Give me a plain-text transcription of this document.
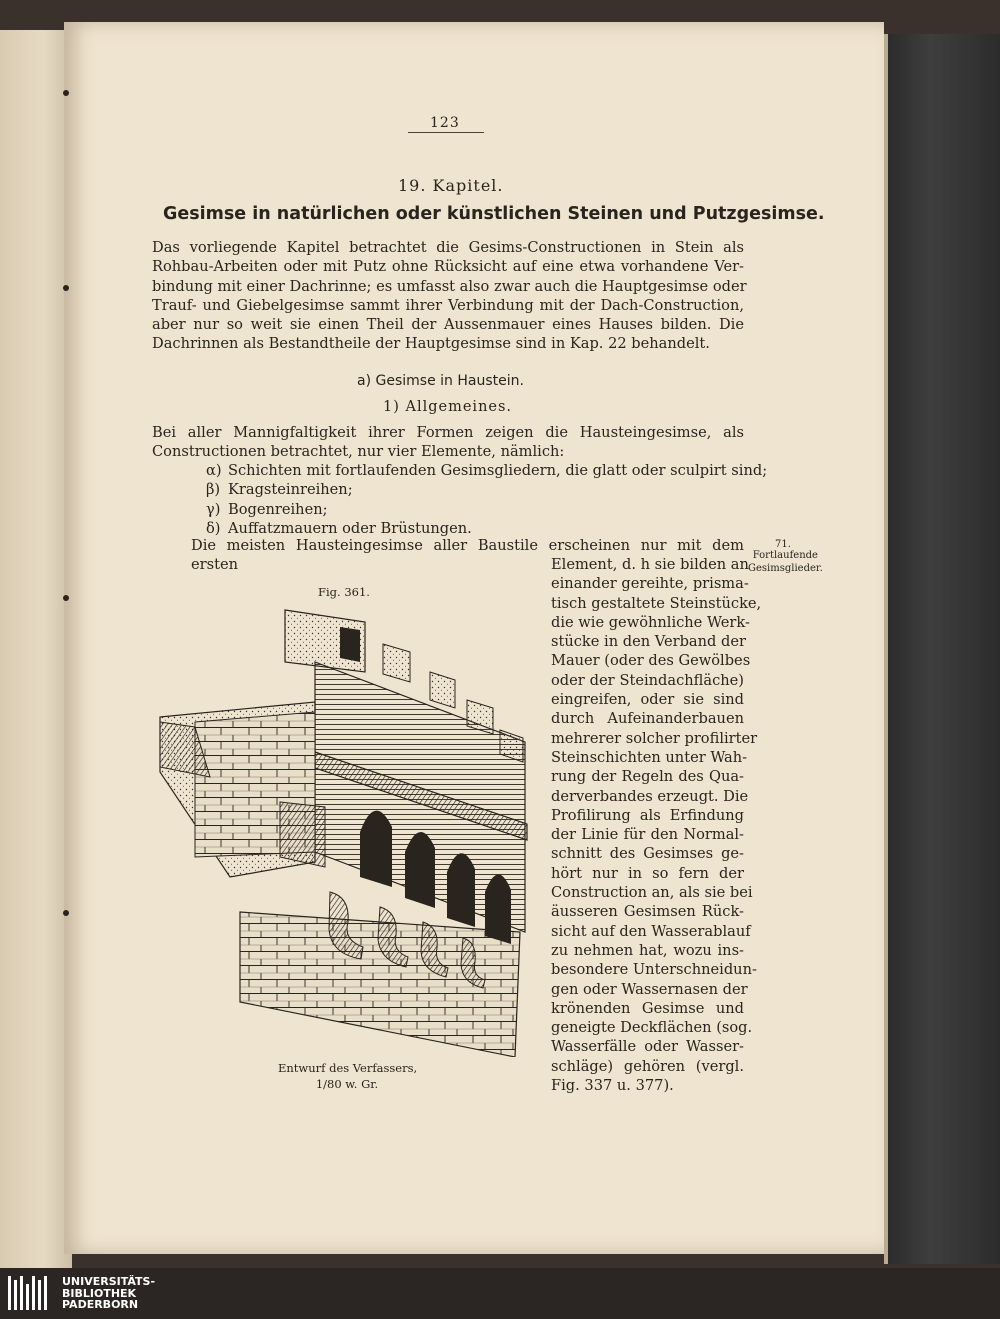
123
19. Kapitel.
Gesimse in natürlichen oder künstlichen Steinen und Putzgesimse.
Das vorliegende Kapitel betrachtet die Gesims-Constructionen in Stein als
Rohbau-Arbeiten oder mit Putz ohne Rücksicht auf eine etwa vorhandene Ver-
bindung mit einer Dachrinne; es umfasst also zwar auch die Hauptgesimse oder
Trauf- und Giebelgesimse sammt ihrer Verbindung mit der Dach-Construction,
aber nur so weit sie einen Theil der Aussenmauer eines Hauses bilden. Die
Dachrinnen als Bestandtheile der Hauptgesimse sind in Kap. 22 behandelt.
a) Gesimse in Haustein.
1) Allgemeines.
Bei aller Mannigfaltigkeit ihrer Formen zeigen die Hausteingesimse, als
Constructionen betrachtet, nur vier Elemente, nämlich:
α) Schichten mit fortlaufenden Gesimsgliedern, die glatt oder sculpirt sind;
β) Kragsteinreihen;
γ) Bogenreihen;
δ) Auffatzmauern oder Brüstungen.
Die meisten Hausteingesimse aller Baustile erscheinen nur mit dem ersten	Element, d. h sie bilden an
einander gereihte, prisma-
tisch gestaltete Steinstücke,
die wie gewöhnliche Werk-
stücke in den Verband der
Mauer (oder des Gewölbes
oder der Steindachfläche)
eingreifen, oder sie sind
durch Aufeinanderbauen
mehrerer solcher profilirter
Steinschichten unter Wah-
rung der Regeln des Qua-
derverbandes erzeugt. Die
Profilirung als Erfindung
der Linie für den Normal-
schnitt des Gesimses ge-
hört nur in so fern der
Construction an, als sie bei
äusseren Gesimsen Rück-
sicht auf den Wasserablauf
zu nehmen hat, wozu ins-
besondere Unterschneidun-
gen oder Wassernasen der
krönenden Gesimse und
geneigte Deckflächen (sog.
Wasserfälle oder Wasser-
schläge) gehören (vergl.
Fig. 337 u. 377).
71.
Fortlaufende
Gesimsglieder.
Fig. 361.
Entwurf des Verfassers,
1/80 w. Gr.
UNIVERSITÄTS-
BIBLIOTHEK
PADERBORN
